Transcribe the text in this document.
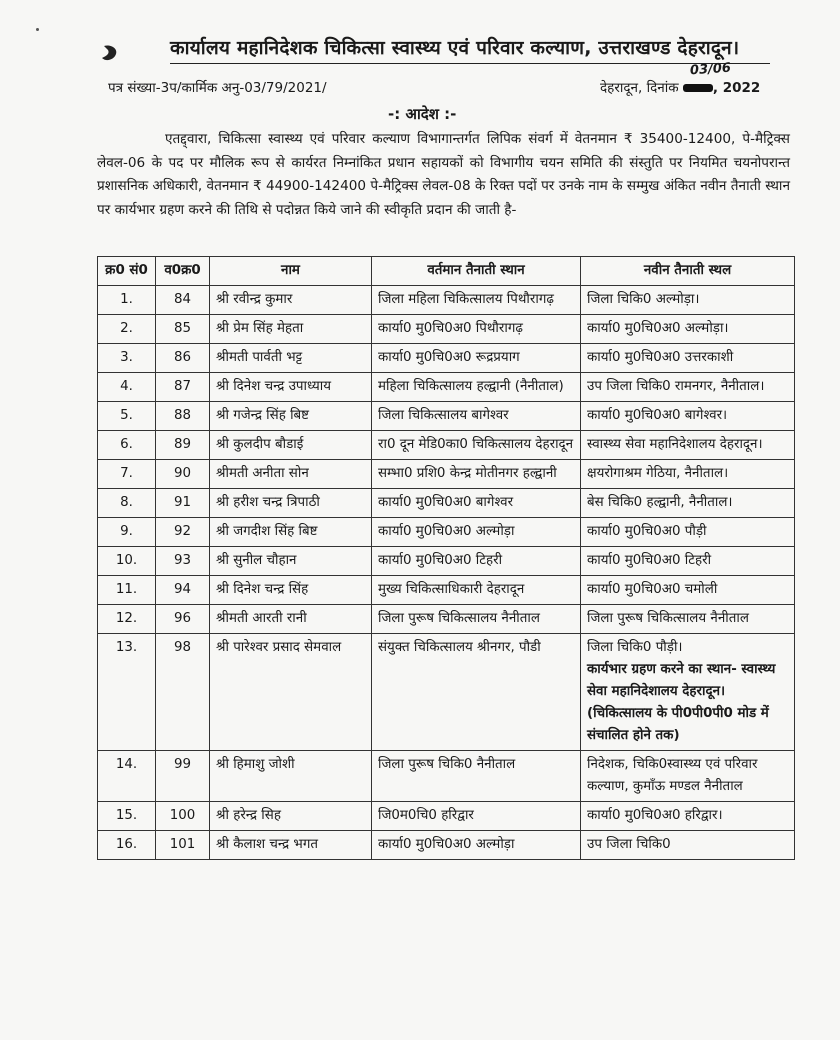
कार्यालय महानिदेशक चिकित्सा स्वास्थ्य एवं परिवार कल्याण, उत्तराखण्ड देहरादून।
पत्र संख्या-3प/कार्मिक अनु-03/79/2021/
03/06
देहरादून, दिनांक	, 2022
-: आदेश :-
एतद्द्वारा, चिकित्सा स्वास्थ्य एवं परिवार कल्याण विभागान्तर्गत लिपिक संवर्ग में वेतनमान ₹ 35400-12400, पे-मैट्रिक्स लेवल-06 के पद पर मौलिक रूप से कार्यरत निम्नांकित प्रधान सहायकों को विभागीय चयन समिति की संस्तुति पर नियमित चयनोपरान्त प्रशासनिक अधिकारी, वेतनमान ₹ 44900-142400 पे-मैट्रिक्स लेवल-08 के रिक्त पदों पर उनके नाम के सम्मुख अंकित नवीन तैनाती स्थान पर कार्यभार ग्रहण करने की तिथि से पदोन्नत किये जाने की स्वीकृति प्रदान की जाती है-
क्र0 सं0	व0क्र0	नाम	वर्तमान तैनाती स्थान	नवीन तैनाती स्थल
1.	84	श्री रवीन्द्र कुमार	जिला महिला चिकित्सालय पिथौरागढ़	जिला चिकि0 अल्मोड़ा।
2.	85	श्री प्रेम सिंह मेहता	कार्या0 मु0चि0अ0 पिथौरागढ़	कार्या0 मु0चि0अ0 अल्मोड़ा।
3.	86	श्रीमती पार्वती भट्ट	कार्या0 मु0चि0अ0 रूद्रप्रयाग	कार्या0 मु0चि0अ0 उत्तरकाशी
4.	87	श्री दिनेश चन्द्र उपाध्याय	महिला चिकित्सालय हल्द्वानी (नैनीताल)	उप जिला चिकि0 रामनगर, नैनीताल।
5.	88	श्री गजेन्द्र सिंह बिष्ट	जिला चिकित्सालय बागेश्वर	कार्या0 मु0चि0अ0 बागेश्वर।
6.	89	श्री कुलदीप बौडाई	रा0 दून मेडि0का0 चिकित्सालय देहरादून	स्वास्थ्य सेवा महानिदेशालय देहरादून।
7.	90	श्रीमती अनीता सोन	सम्भा0 प्रशि0 केन्द्र मोतीनगर हल्द्वानी	क्षयरोगाश्रम गेठिया, नैनीताल।
8.	91	श्री हरीश चन्द्र त्रिपाठी	कार्या0 मु0चि0अ0 बागेश्वर	बेस चिकि0 हल्द्वानी, नैनीताल।
9.	92	श्री जगदीश सिंह बिष्ट	कार्या0 मु0चि0अ0 अल्मोड़ा	कार्या0 मु0चि0अ0 पौड़ी
10.	93	श्री सुनील चौहान	कार्या0 मु0चि0अ0 टिहरी	कार्या0 मु0चि0अ0 टिहरी
11.	94	श्री दिनेश चन्द्र सिंह	मुख्य चिकित्साधिकारी देहरादून	कार्या0 मु0चि0अ0 चमोली
12.	96	श्रीमती आरती रानी	जिला पुरूष चिकित्सालय नैनीताल	जिला पुरूष चिकित्सालय नैनीताल
13.	98	श्री पारेश्वर प्रसाद सेमवाल	संयुक्त चिकित्सालय श्रीनगर, पौडी	जिला चिकि0 पौड़ी।
कार्यभार ग्रहण करने का स्थान- स्वास्थ्य सेवा महानिदेशालय देहरादून। (चिकित्सालय के पी0पी0पी0 मोड में संचालित होने तक)

14.	99	श्री हिमाशु जोशी	जिला पुरूष चिकि0 नैनीताल	निदेशक, चिकि0स्वास्थ्य एवं परिवार कल्याण, कुमाँऊ मण्डल नैनीताल
15.	100	श्री हरेन्द्र सिह	जि0म0चि0 हरिद्वार	कार्या0 मु0चि0अ0 हरिद्वार।
16.	101	श्री कैलाश चन्द्र भगत	कार्या0 मु0चि0अ0 अल्मोड़ा	उप जिला चिकि0
